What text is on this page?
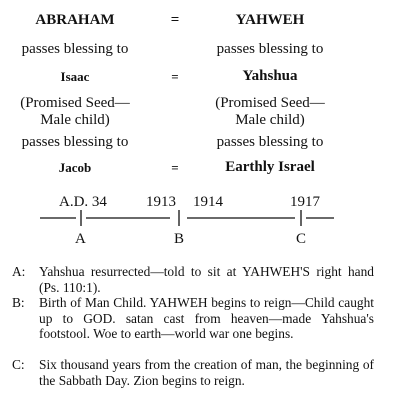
ABRAHAM	=	YAHWEH
passes blessing to	passes blessing to
Isaac	=	Yahshua
(Promised Seed—	(Promised Seed—
Male child)	Male child)
passes blessing to	passes blessing to
Jacob	=	Earthly Israel
A.D. 34	1913 1914	1917
A	B	C
A: Yahshua resurrected—told to sit at YAHWEH'S right hand (Ps. 110:1).
B: Birth of Man Child. YAHWEH begins to reign—Child caught up to GOD. satan cast from heaven—made Yahshua's footstool. Woe to earth—world war one begins.
C: Six thousand years from the creation of man, the beginning of the Sabbath Day. Zion begins to reign.
